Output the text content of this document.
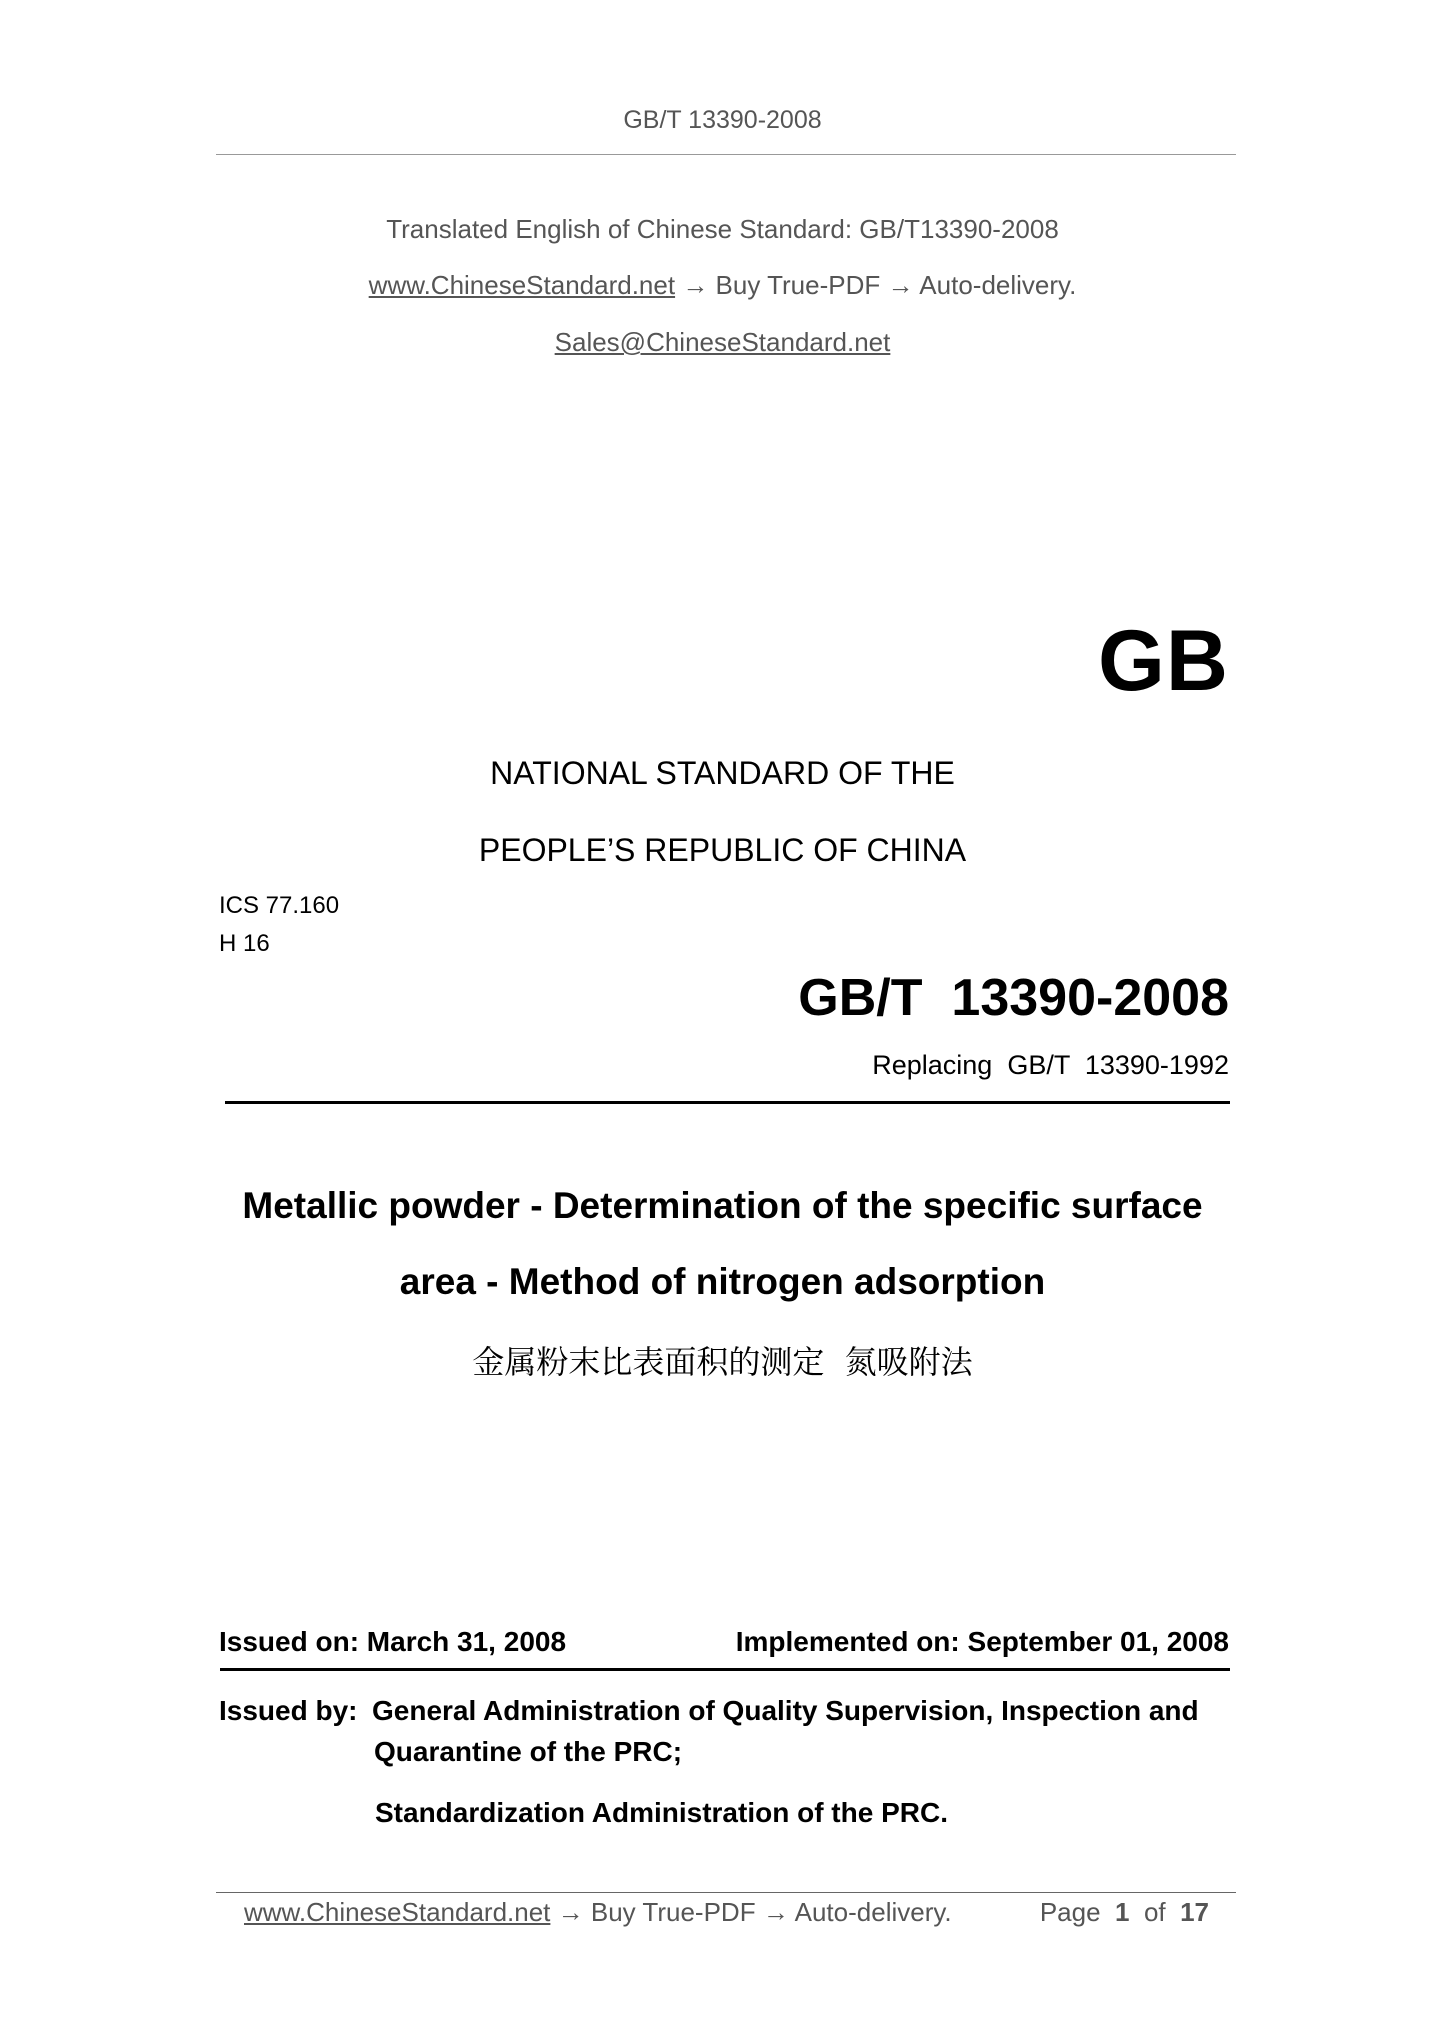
GB/T 13390-2008
Translated English of Chinese Standard: GB/T13390-2008
www.ChineseStandard.net → Buy True-PDF → Auto-delivery.
Sales@ChineseStandard.net
GB
NATIONAL STANDARD OF THE
PEOPLE’S REPUBLIC OF CHINA
ICS 77.160
H 16
GB/T  13390-2008
Replacing  GB/T  13390-1992
Metallic powder - Determination of the specific surface
area - Method of nitrogen adsorption
金属粉末比表面积的测定  氮吸附法
Issued on: March 31, 2008	Implemented on: September 01, 2008
Issued by: General Administration of Quality Supervision, Inspection and
Quarantine of the PRC;
Standardization Administration of the PRC.
www.ChineseStandard.net → Buy True-PDF → Auto-delivery.	Page 1 of 17
